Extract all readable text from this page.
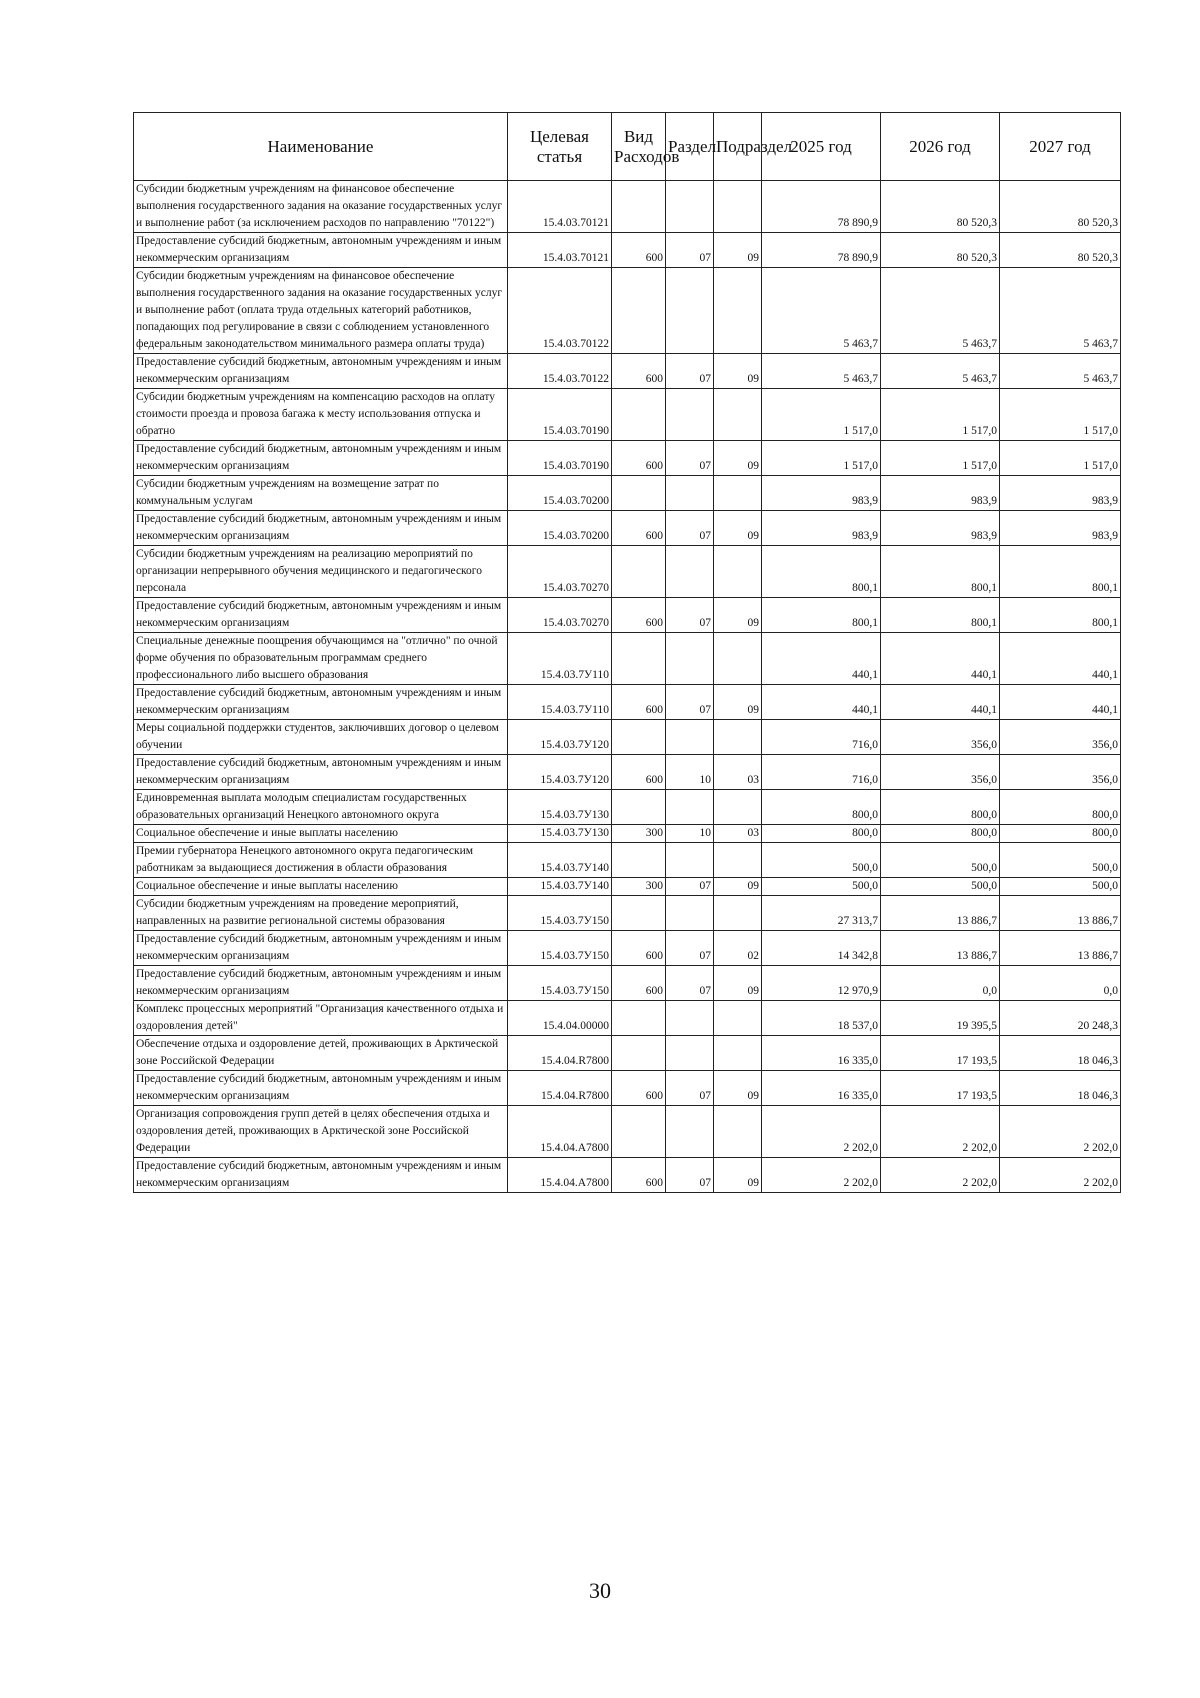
Наименование	Целевая статья	Вид Расходов	Раздел	Подраздел	2025 год	2026 год	2027 год
Субсидии бюджетным учреждениям на финансовое обеспечение выполнения государственного задания на оказание государственных услуг и выполнение работ (за исключением расходов по направлению "70122")	15.4.03.70121				78 890,9	80 520,3	80 520,3
Предоставление субсидий бюджетным, автономным учреждениям и иным некоммерческим организациям	15.4.03.70121	600	07	09	78 890,9	80 520,3	80 520,3
Субсидии бюджетным учреждениям на финансовое обеспечение выполнения государственного задания на оказание государственных услуг и выполнение работ (оплата труда отдельных категорий работников, попадающих под регулирование в связи с соблюдением установленного федеральным законодательством минимального размера оплаты труда)	15.4.03.70122				5 463,7	5 463,7	5 463,7
Предоставление субсидий бюджетным, автономным учреждениям и иным некоммерческим организациям	15.4.03.70122	600	07	09	5 463,7	5 463,7	5 463,7
Субсидии бюджетным учреждениям на компенсацию расходов на оплату стоимости проезда и провоза багажа к месту использования отпуска и обратно	15.4.03.70190				1 517,0	1 517,0	1 517,0
Предоставление субсидий бюджетным, автономным учреждениям и иным некоммерческим организациям	15.4.03.70190	600	07	09	1 517,0	1 517,0	1 517,0
Субсидии бюджетным учреждениям на возмещение затрат по коммунальным услугам	15.4.03.70200				983,9	983,9	983,9
Предоставление субсидий бюджетным, автономным учреждениям и иным некоммерческим организациям	15.4.03.70200	600	07	09	983,9	983,9	983,9
Субсидии бюджетным учреждениям на реализацию мероприятий по организации непрерывного обучения медицинского и педагогического персонала	15.4.03.70270				800,1	800,1	800,1
Предоставление субсидий бюджетным, автономным учреждениям и иным некоммерческим организациям	15.4.03.70270	600	07	09	800,1	800,1	800,1
Специальные денежные поощрения обучающимся на "отлично" по очной форме обучения по образовательным программам среднего профессионального либо высшего образования	15.4.03.7У110				440,1	440,1	440,1
Предоставление субсидий бюджетным, автономным учреждениям и иным некоммерческим организациям	15.4.03.7У110	600	07	09	440,1	440,1	440,1
Меры социальной поддержки студентов, заключивших договор о целевом обучении	15.4.03.7У120				716,0	356,0	356,0
Предоставление субсидий бюджетным, автономным учреждениям и иным некоммерческим организациям	15.4.03.7У120	600	10	03	716,0	356,0	356,0
Единовременная выплата молодым специалистам государственных образовательных организаций Ненецкого автономного округа	15.4.03.7У130				800,0	800,0	800,0
Социальное обеспечение и иные выплаты населению	15.4.03.7У130	300	10	03	800,0	800,0	800,0
Премии губернатора Ненецкого автономного округа педагогическим работникам за выдающиеся достижения в области образования	15.4.03.7У140				500,0	500,0	500,0
Социальное обеспечение и иные выплаты населению	15.4.03.7У140	300	07	09	500,0	500,0	500,0
Субсидии бюджетным учреждениям на проведение мероприятий, направленных на развитие региональной системы образования	15.4.03.7У150				27 313,7	13 886,7	13 886,7
Предоставление субсидий бюджетным, автономным учреждениям и иным некоммерческим организациям	15.4.03.7У150	600	07	02	14 342,8	13 886,7	13 886,7
Предоставление субсидий бюджетным, автономным учреждениям и иным некоммерческим организациям	15.4.03.7У150	600	07	09	12 970,9	0,0	0,0
Комплекс процессных мероприятий "Организация качественного отдыха и оздоровления детей"	15.4.04.00000				18 537,0	19 395,5	20 248,3
Обеспечение отдыха и оздоровление детей, проживающих в Арктической зоне Российской Федерации	15.4.04.R7800				16 335,0	17 193,5	18 046,3
Предоставление субсидий бюджетным, автономным учреждениям и иным некоммерческим организациям	15.4.04.R7800	600	07	09	16 335,0	17 193,5	18 046,3
Организация сопровождения групп детей в целях обеспечения отдыха и оздоровления детей, проживающих в Арктической зоне Российской Федерации	15.4.04.А7800				2 202,0	2 202,0	2 202,0
Предоставление субсидий бюджетным, автономным учреждениям и иным некоммерческим организациям	15.4.04.А7800	600	07	09	2 202,0	2 202,0	2 202,0
30
